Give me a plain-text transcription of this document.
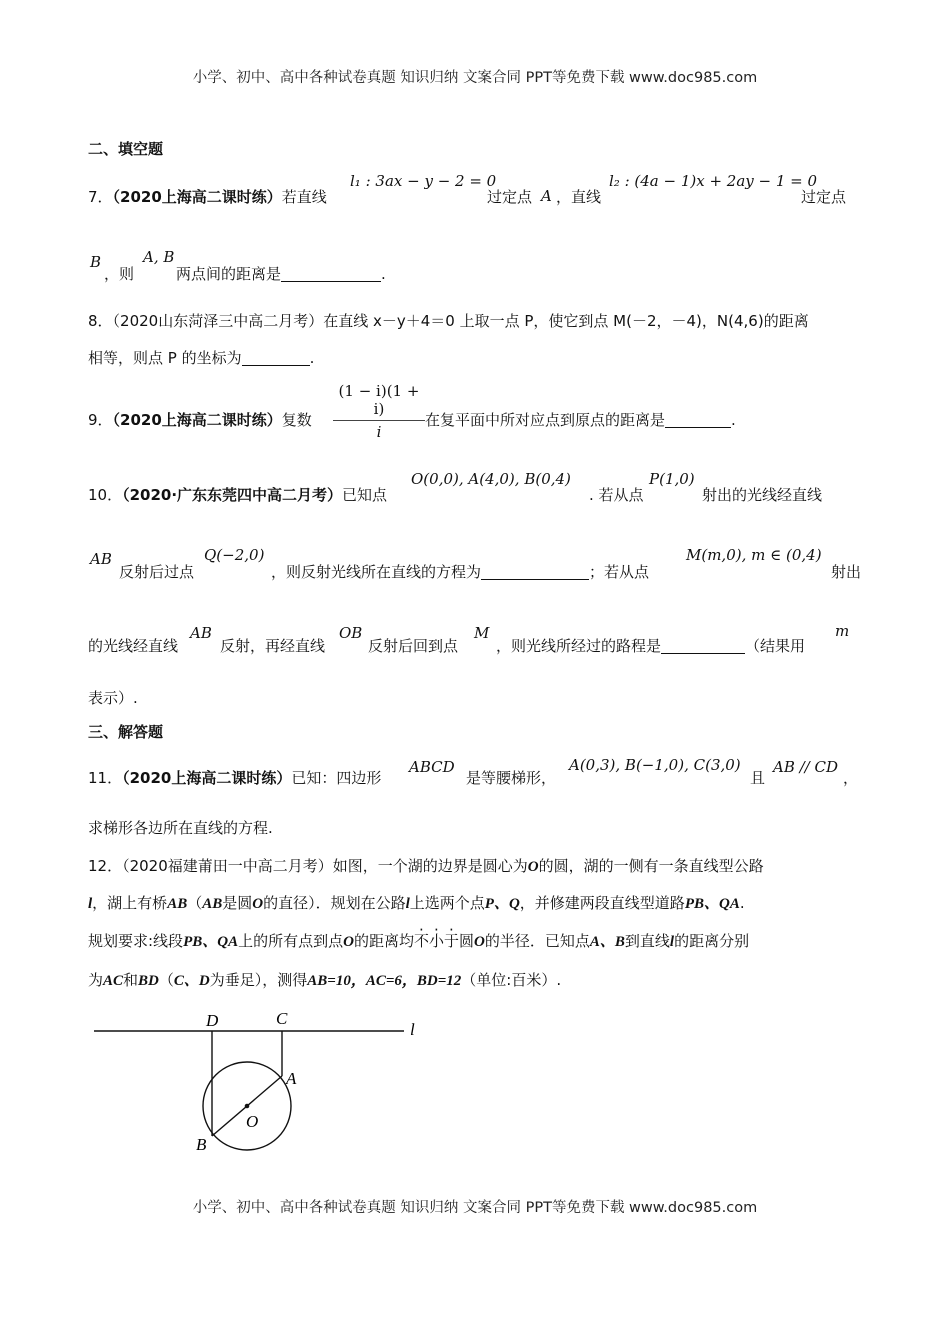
小学、初中、高中各种试卷真题 知识归纳 文案合同 PPT等免费下载 www.doc985.com
二、填空题
7．（2020上海高二课时练）若直线
l₁ : 3ax − y − 2 = 0
过定点 A ，直线
l₂ : (4a − 1)x + 2ay − 1 = 0
过定点
B
，则
A, B
两点间的距离是	.
8．（2020山东菏泽三中高二月考）在直线 x－y＋4＝0 上取一点 P，使它到点 M(－2，－4)，N(4,6)的距离
相等，则点 P 的坐标为	.
9．（2020上海高二课时练）复数 $\frac{(1 - i)(1 + i)}{i}$ 在复平面中所对应点到原点的距离是	.
10．（2020·广东东莞四中高二月考）已知点
O(0,0), A(4,0), B(0,4)
. 若从点
P(1,0)
射出的光线经直线
AB
反射后过点
Q(−2,0)
，则反射光线所在直线的方程为	；若从点
M(m,0), m ∈ (0,4)
射出
的光线经直线
AB
反射，再经直线
OB
反射后回到点
M
，则光线所经过的路程是	（结果用
m
表示）.
三、解答题
11．（2020上海高二课时练）已知：四边形
ABCD
是等腰梯形，
A(0,3), B(−1,0), C(3,0)
且
AB // CD
，
求梯形各边所在直线的方程.
12．（2020福建莆田一中高二月考）如图，一个湖的边界是圆心为O的圆，湖的一侧有一条直线型公路
l，湖上有桥AB（AB是圆O的直径）．规划在公路l上选两个点P、Q，并修建两段直线型道路PB、QA.
规划要求:线段PB、QA上的所有点到点O的距离均不小于圆O的半径．已知点A、B到直线l的距离分别
为AC和BD（C、D为垂足），测得AB=10，AC=6，BD=12（单位:百米）.
D	C
l
A
O
B
小学、初中、高中各种试卷真题 知识归纳 文案合同 PPT等免费下载 www.doc985.com
